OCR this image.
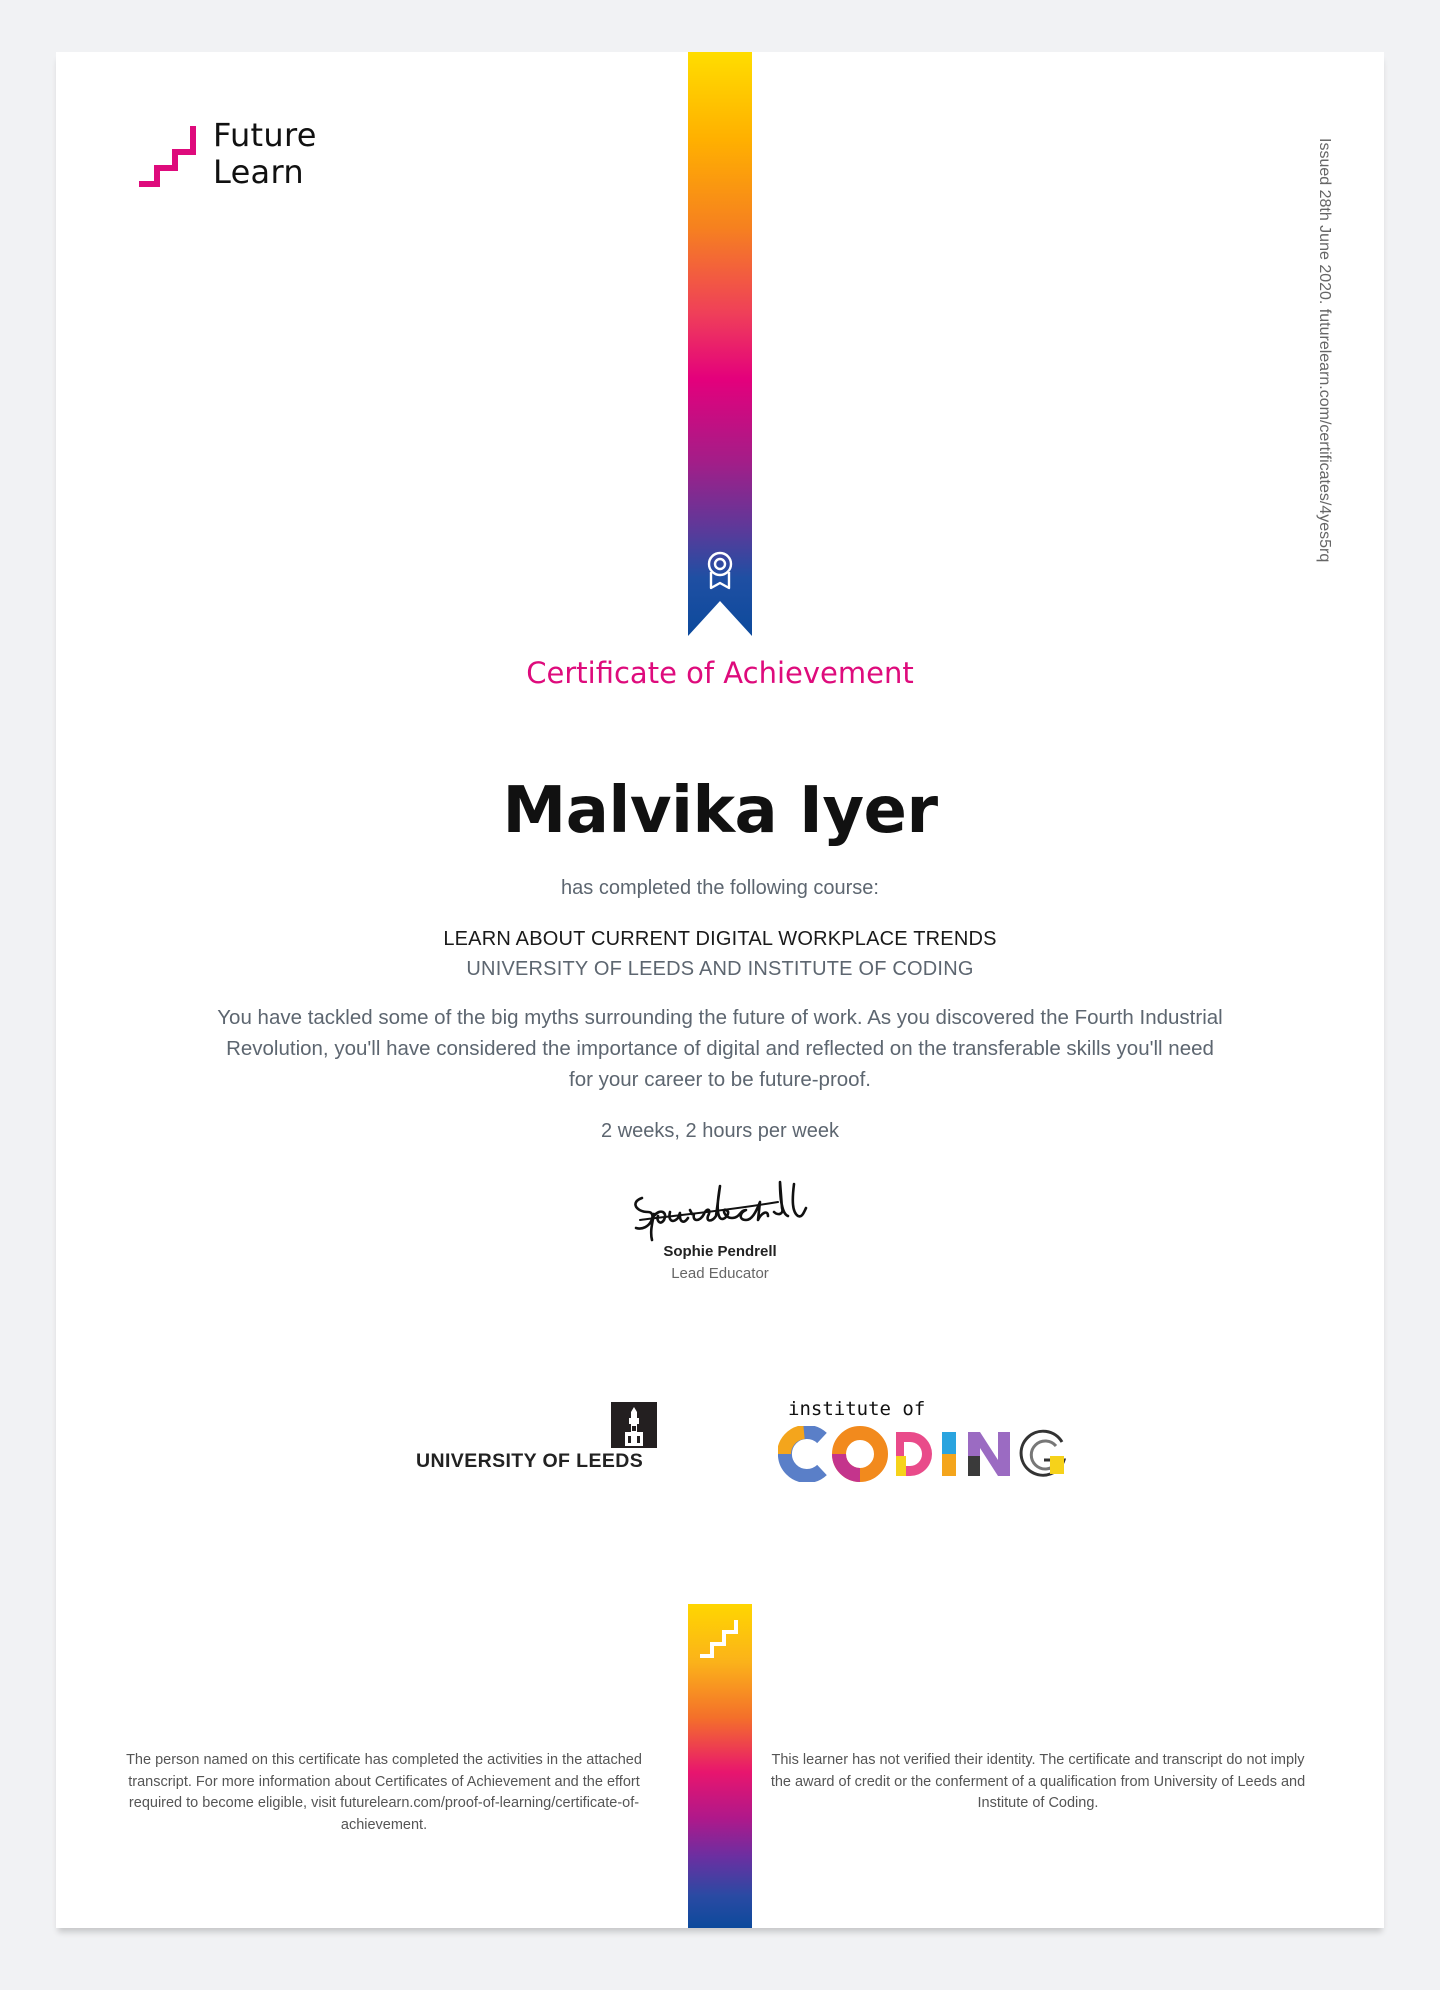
Future
Learn	Issued 28th June 2020. futurelearn.com/certificates/4yes5rq
Certificate of Achievement
Malvika Iyer
has completed the following course:
LEARN ABOUT CURRENT DIGITAL WORKPLACE TRENDS
UNIVERSITY OF LEEDS AND INSTITUTE OF CODING
You have tackled some of the big myths surrounding the future of work. As you discovered the Fourth Industrial Revolution, you'll have considered the importance of digital and reflected on the transferable skills you'll need for your career to be future-proof.
2 weeks, 2 hours per week
Sophie Pendrell
Lead Educator
UNIVERSITY OF LEEDS
institute of
The person named on this certificate has completed the activities in the attached transcript. For more information about Certificates of Achievement and the effort required to become eligible, visit futurelearn.com/proof-of-learning/certificate-of-achievement.
This learner has not verified their identity. The certificate and transcript do not imply the award of credit or the conferment of a qualification from University of Leeds and Institute of Coding.
